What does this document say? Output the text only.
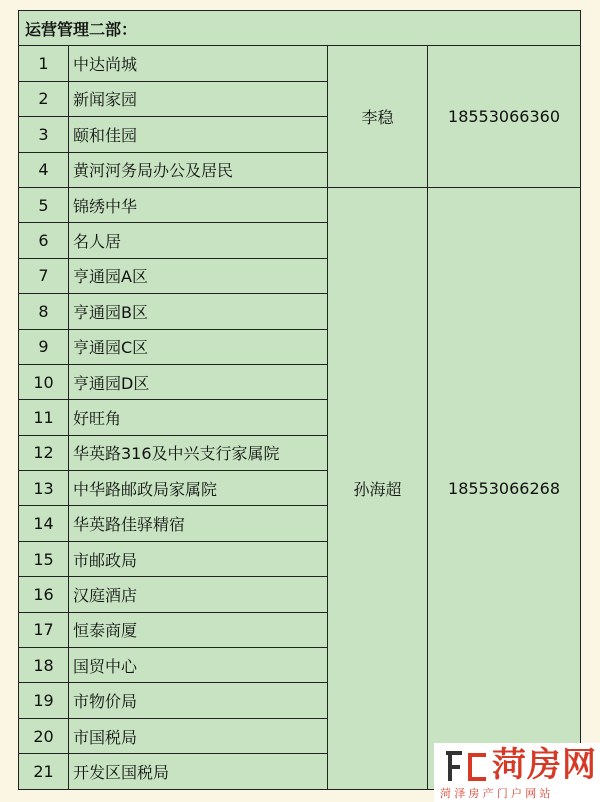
运营管理二部：			
1	中达尚城	李稳	18553066360
2	新闻家园		
3	颐和佳园		
4	黄河河务局办公及居民		
5	锦绣中华	孙海超	18553066268
6	名人居		
7	亨通园A区		
8	亨通园B区		
9	亨通园C区		
10	亨通园D区		
11	好旺角		
12	华英路316及中兴支行家属院		
13	中华路邮政局家属院		
14	华英路佳驿精宿		
15	市邮政局		
16	汉庭酒店		
17	恒泰商厦		
18	国贸中心		
19	市物价局		
20	市国税局		
21	开发区国税局			菏房网
菏泽房产门户网站
